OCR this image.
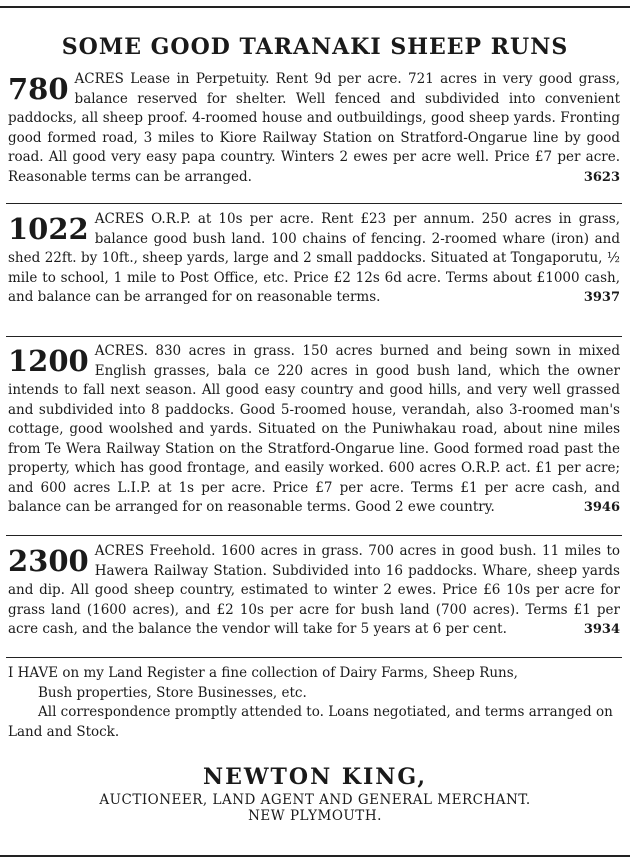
SOME GOOD TARANAKI SHEEP RUNS
780 ACRES Lease in Perpetuity. Rent 9d per acre. 721 acres in very good grass, balance reserved for shelter. Well fenced and subdivided into convenient paddocks, all sheep proof. 4-roomed house and outbuildings, good sheep yards. Fronting good formed road, 3 miles to Kiore Railway Station on Stratford-Ongarue line by good road. All good very easy papa country. Winters 2 ewes per acre well. Price £7 per acre. Reasonable terms can be arranged.	3623
1022 ACRES O.R.P. at 10s per acre. Rent £23 per annum. 250 acres in grass, balance good bush land. 100 chains of fencing. 2-roomed whare (iron) and shed 22ft. by 10ft., sheep yards, large and 2 small paddocks. Situated at Tongaporutu, ½ mile to school, 1 mile to Post Office, etc. Price £2 12s 6d acre. Terms about £1000 cash, and balance can be arranged for on reasonable terms.	3937
1200 ACRES. 830 acres in grass. 150 acres burned and being sown in mixed English grasses, bala ce 220 acres in good bush land, which the owner intends to fall next season. All good easy country and good hills, and very well grassed and subdivided into 8 paddocks. Good 5-roomed house, verandah, also 3-roomed man's cottage, good woolshed and yards. Situated on the Puniwhakau road, about nine miles from Te Wera Railway Station on the Stratford-Ongarue line. Good formed road past the property, which has good frontage, and easily worked. 600 acres O.R.P. act. £1 per acre; and 600 acres L.I.P. at 1s per acre. Price £7 per acre. Terms £1 per acre cash, and balance can be arranged for on reasonable terms. Good 2 ewe country.	3946
2300 ACRES Freehold. 1600 acres in grass. 700 acres in good bush. 11 miles to Hawera Railway Station. Subdivided into 16 paddocks. Whare, sheep yards and dip. All good sheep country, estimated to winter 2 ewes. Price £6 10s per acre for grass land (1600 acres), and £2 10s per acre for bush land (700 acres). Terms £1 per acre cash, and the balance the vendor will take for 5 years at 6 per cent.	3934

I HAVE on my Land Register a fine collection of Dairy Farms, Sheep Runs,

Bush properties, Store Businesses, etc.

All correspondence promptly attended to. Loans negotiated, and terms arranged on Land and Stock.

NEWTON KING,
AUCTIONEER, LAND AGENT AND GENERAL MERCHANT.
NEW PLYMOUTH.
